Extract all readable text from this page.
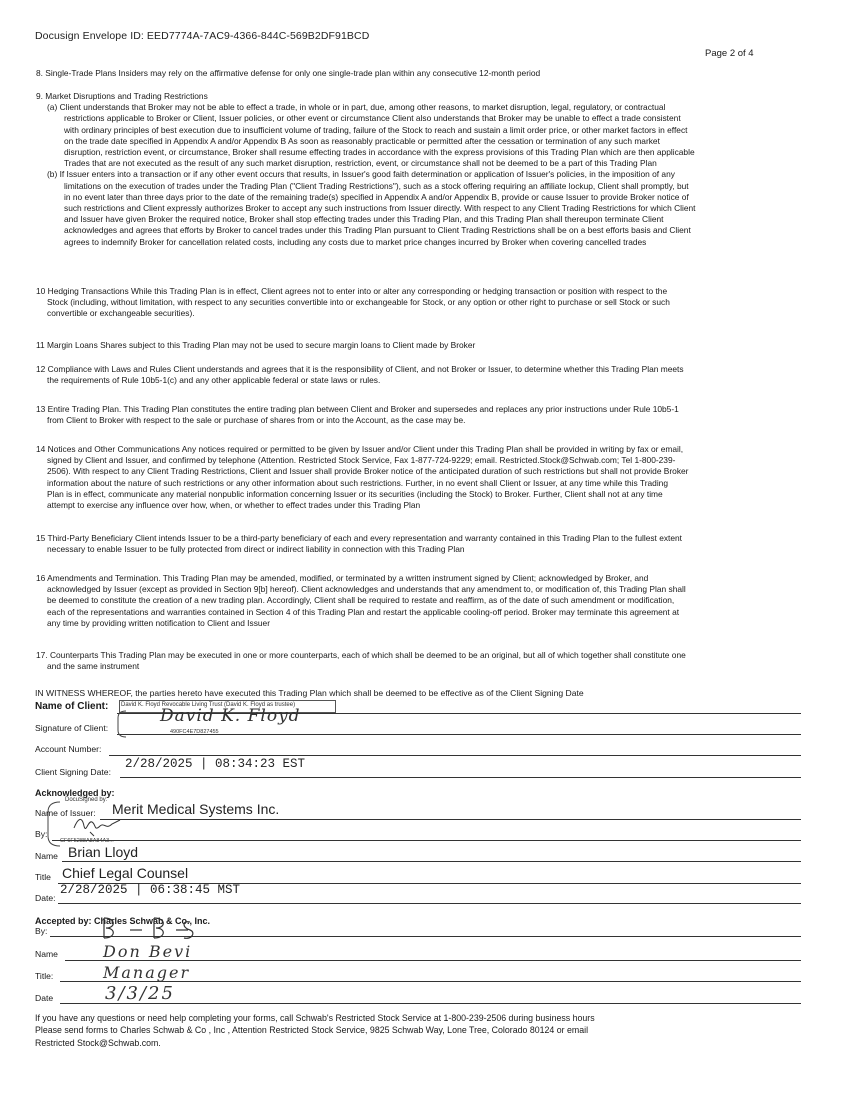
Docusign Envelope ID: EED7774A-7AC9-4366-844C-569B2DF91BCD
Page 2 of 4

8. Single-Trade Plans Insiders may rely on the affirmative defense for only one single-trade plan within any consecutive 12-month period

9. Market Disruptions and Trading Restrictions

(a) Client understands that Broker may not be able to effect a trade, in whole or in part, due, among other reasons, to market disruption, legal, regulatory, or contractual

restrictions applicable to Broker or Client, Issuer policies, or other event or circumstance Client also understands that Broker may be unable to effect a trade consistent

with ordinary principles of best execution due to insufficient volume of trading, failure of the Stock to reach and sustain a limit order price, or other market factors in effect

on the trade date specified in Appendix A and/or Appendix B As soon as reasonably practicable or permitted after the cessation or termination of any such market

disruption, restriction event, or circumstance, Broker shall resume effecting trades in accordance with the express provisions of this Trading Plan which are then applicable

Trades that are not executed as the result of any such market disruption, restriction, event, or circumstance shall not be deemed to be a part of this Trading Plan

(b) If Issuer enters into a transaction or if any other event occurs that results, in Issuer's good faith determination or application of Issuer's policies, in the imposition of any

limitations on the execution of trades under the Trading Plan ("Client Trading Restrictions"), such as a stock offering requiring an affiliate lockup, Client shall promptly, but

in no event later than three days prior to the date of the remaining trade(s) specified in Appendix A and/or Appendix B, provide or cause Issuer to provide Broker notice of

such restrictions and Client expressly authorizes Broker to accept any such instructions from Issuer directly. With respect to any Client Trading Restrictions for which Client

and Issuer have given Broker the required notice, Broker shall stop effecting trades under this Trading Plan, and this Trading Plan shall thereupon terminate Client

acknowledges and agrees that efforts by Broker to cancel trades under this Trading Plan pursuant to Client Trading Restrictions shall be on a best efforts basis and Client

agrees to indemnify Broker for cancellation related costs, including any costs due to market price changes incurred by Broker when covering cancelled trades

10 Hedging Transactions While this Trading Plan is in effect, Client agrees not to enter into or alter any corresponding or hedging transaction or position with respect to the

Stock (including, without limitation, with respect to any securities convertible into or exchangeable for Stock, or any option or other right to purchase or sell Stock or such

convertible or exchangeable securities).

11 Margin Loans Shares subject to this Trading Plan may not be used to secure margin loans to Client made by Broker

12 Compliance with Laws and Rules Client understands and agrees that it is the responsibility of Client, and not Broker or Issuer, to determine whether this Trading Plan meets

the requirements of Rule 10b5-1(c) and any other applicable federal or state laws or rules.

13 Entire Trading Plan. This Trading Plan constitutes the entire trading plan between Client and Broker and supersedes and replaces any prior instructions under Rule 10b5-1

from Client to Broker with respect to the sale or purchase of shares from or into the Account, as the case may be.

14 Notices and Other Communications Any notices required or permitted to be given by Issuer and/or Client under this Trading Plan shall be provided in writing by fax or email,

signed by Client and Issuer, and confirmed by telephone (Attention. Restricted Stock Service, Fax 1-877-724-9229; email. Restricted.Stock@Schwab.com; Tel 1-800-239-

2506). With respect to any Client Trading Restrictions, Client and Issuer shall provide Broker notice of the anticipated duration of such restrictions but shall not provide Broker

information about the nature of such restrictions or any other information about such restrictions. Further, in no event shall Client or Issuer, at any time while this Trading

Plan is in effect, communicate any material nonpublic information concerning Issuer or its securities (including the Stock) to Broker. Further, Client shall not at any time

attempt to exercise any influence over how, when, or whether to effect trades under this Trading Plan

15 Third-Party Beneficiary Client intends Issuer to be a third-party beneficiary of each and every representation and warranty contained in this Trading Plan to the fullest extent

necessary to enable Issuer to be fully protected from direct or indirect liability in connection with this Trading Plan

16 Amendments and Termination. This Trading Plan may be amended, modified, or terminated by a written instrument signed by Client; acknowledged by Broker, and

acknowledged by Issuer (except as provided in Section 9[b] hereof). Client acknowledges and understands that any amendment to, or modification of, this Trading Plan shall

be deemed to constitute the creation of a new trading plan. Accordingly, Client shall be required to restate and reaffirm, as of the date of such amendment or modification,

each of the representations and warranties contained in Section 4 of this Trading Plan and restart the applicable cooling-off period. Broker may terminate this agreement at

any time by providing written notification to Client and Issuer

17. Counterparts This Trading Plan may be executed in one or more counterparts, each of which shall be deemed to be an original, but all of which together shall constitute one

and the same instrument

IN WITNESS WHEREOF, the parties hereto have executed this Trading Plan which shall be deemed to be effective as of the Client Signing Date
Name of Client: David K. Floyd Revocable Living Trust (David K. Floyd as trustee)
Signature of Client:
David K. Floyd
490FC4E7D827455
Account Number:
Client Signing Date:
2/28/2025 | 08:34:23 EST
Acknowledged by:
DocuSigned by:
Name of Issuer: Merit Medical Systems Inc.
By:
CF6F5288A8A84A3...
Name Brian Lloyd
Title Chief Legal Counsel
Date:
2/28/2025 | 06:38:45 MST
Accepted by: Charles Schwab & Co., Inc.
By:
Name	Don Bevi
Title:	Manager
Date	3/3/25

If you have any questions or need help completing your forms, call Schwab's Restricted Stock Service at 1-800-239-2506 during business hours

Please send forms to Charles Schwab & Co , Inc , Attention Restricted Stock Service, 9825 Schwab Way, Lone Tree, Colorado 80124 or email

Restricted Stock@Schwab.com.
